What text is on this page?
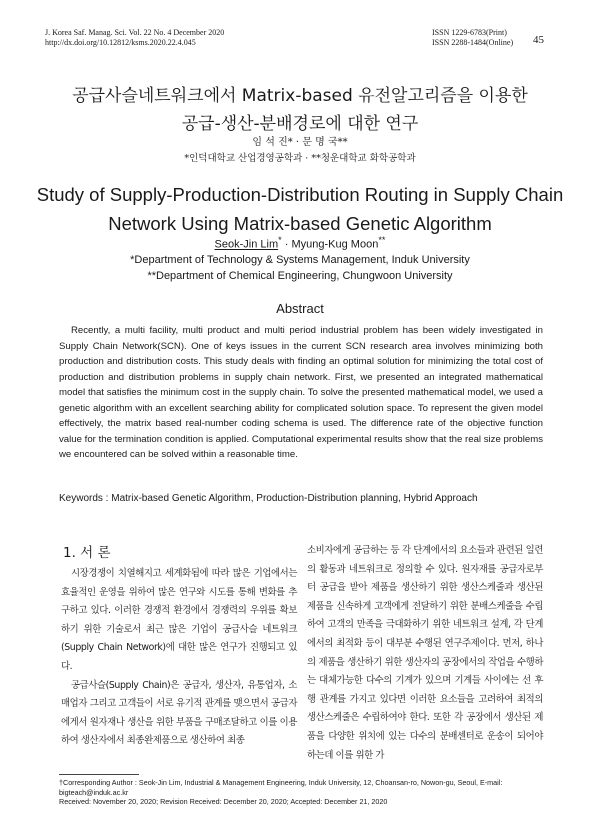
J. Korea Saf. Manag. Sci. Vol. 22 No. 4 December 2020
http://dx.doi.org/10.12812/ksms.2020.22.4.045
ISSN 1229-6783(Print)
ISSN 2288-1484(Online) 45
공급사슬네트워크에서 Matrix-based 유전알고리즘을 이용한
공급-생산-분배경로에 대한 연구
임 석 진* · 문 명 국**
*인덕대학교 산업경영공학과 · **청운대학교 화학공학과
Study of Supply-Production-Distribution Routing in Supply Chain
Network Using Matrix-based Genetic Algorithm
Seok-Jin Lim* · Myung-Kug Moon**
*Department of Technology & Systems Management, Induk University
**Department of Chemical Engineering, Chungwoon University
Abstract
Recently, a multi facility, multi product and multi period industrial problem has been widely investigated in Supply Chain Network(SCN). One of keys issues in the current SCN research area involves minimizing both production and distribution costs. This study deals with finding an optimal solution for minimizing the total cost of production and distribution problems in supply chain network. First, we presented an integrated mathematical model that satisfies the minimum cost in the supply chain. To solve the presented mathematical model, we used a genetic algorithm with an excellent searching ability for complicated solution space. To represent the given model effectively, the matrix based real-number coding schema is used. The difference rate of the objective function value for the termination condition is applied. Computational experimental results show that the real size problems we encountered can be solved within a reasonable time.
Keywords : Matrix-based Genetic Algorithm, Production-Distribution planning, Hybrid Approach
1. 서 론

시장경쟁이 치열해지고 세계화됨에 따라 많은 기업에서는 효율적인 운영을 위하여 많은 연구와 시도를 통해 변화를 추구하고 있다. 이러한 경쟁적 환경에서 경쟁력의 우위를 확보하기 위한 기술로서 최근 많은 기업이 공급사슬 네트워크(Supply Chain Network)에 대한 많은 연구가 진행되고 있다.

공급사슬(Supply Chain)은 공급자, 생산자, 유통업자, 소매업자 그리고 고객들이 서로 유기적 관계를 맺으면서 공급자에게서 원자재나 생산을 위한 부품을 구매조달하고 이를 이용하여 생산자에서 최종완제품으로 생산하여 최종

소비자에게 공급하는 등 각 단계에서의 요소들과 관련된 일련의 활동과 네트워크로 정의할 수 있다. 원자재를 공급자로부터 공급을 받아 제품을 생산하기 위한 생산스케줄과 생산된 제품을 신속하게 고객에게 전달하기 위한 분배스케줄을 수립하여 고객의 만족을 극대화하기 위한 네트워크 설계, 각 단계에서의 최적화 등이 대부분 수행된 연구주제이다. 먼저, 하나의 제품을 생산하기 위한 생산자의 공장에서의 작업을 수행하는 대체가능한 다수의 기계가 있으며 기계들 사이에는 선 후행 관계를 가지고 있다면 이러한 요소들을 고려하여 최적의 생산스케줄은 수립하여야 한다. 또한 각 공장에서 생산된 제품을 다양한 위치에 있는 다수의 분배센터로 운송이 되어야 하는데 이를 위한 가

†Corresponding Author : Seok-Jin Lim, Industrial & Management Engineering, Induk University, 12, Choansan-ro, Nowon-gu, Seoul, E-mail: bigteach@induk.ac.kr
Received: November 20, 2020; Revision Received: December 20, 2020; Accepted: December 21, 2020
